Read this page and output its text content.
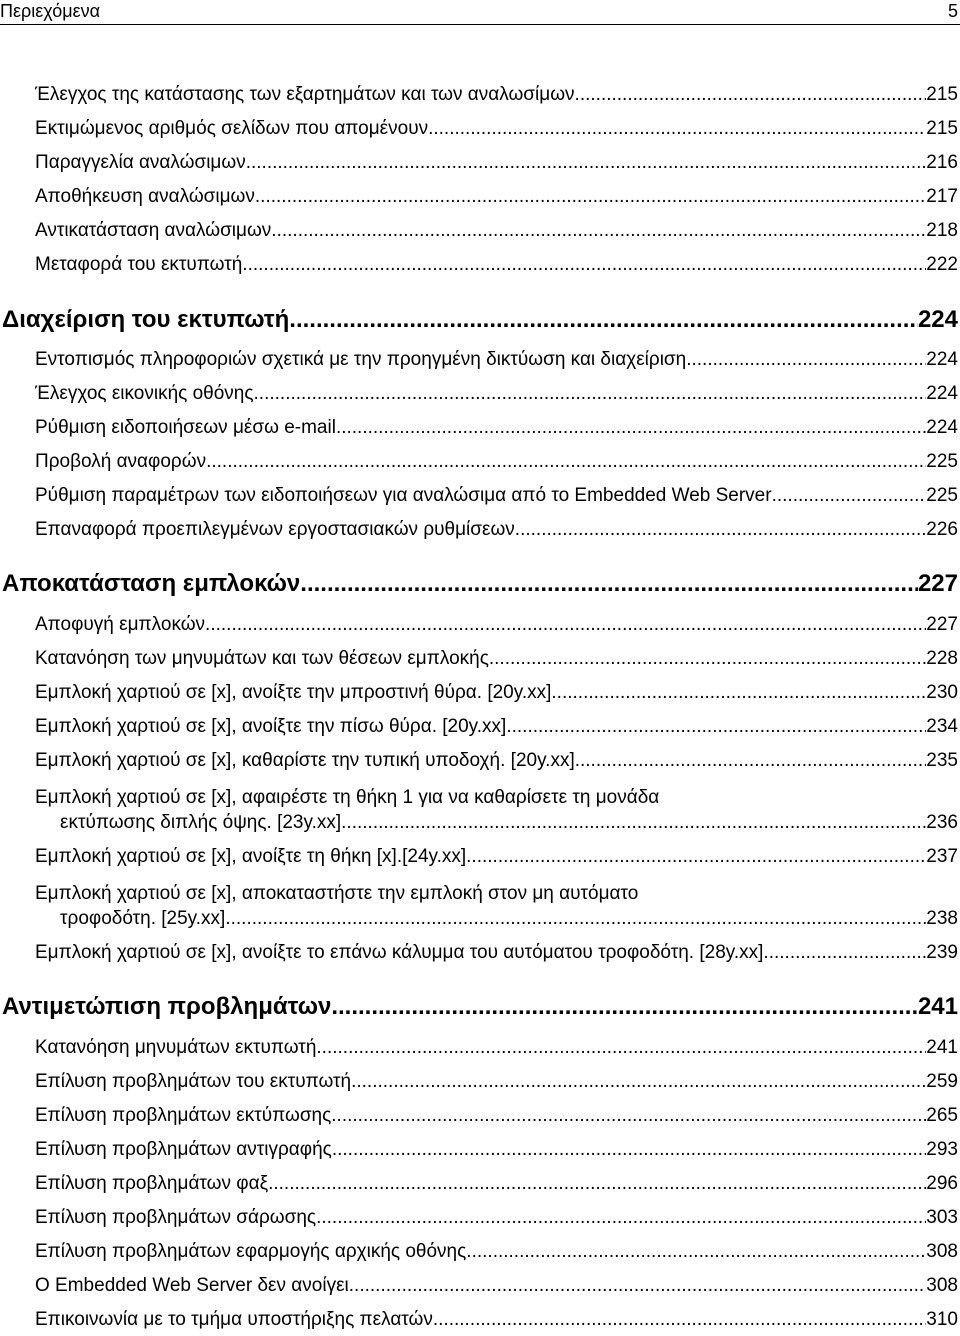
Περιεχόμενα	5
Έλεγχος της κατάστασης των εξαρτημάτων και των αναλωσίμων .....	215
Εκτιμώμενος αριθμός σελίδων που απομένουν .....	215
Παραγγελία αναλώσιμων .....	216
Αποθήκευση αναλώσιμων .....	217
Αντικατάσταση αναλώσιμων .....	218
Μεταφορά του εκτυπωτή .....	222
Διαχείριση του εκτυπωτή .....	224
Εντοπισμός πληροφοριών σχετικά με την προηγμένη δικτύωση και διαχείριση. .....	224
Έλεγχος εικονικής οθόνης .....	224
Ρύθμιση ειδοποιήσεων μέσω e-mail .....	224
Προβολή αναφορών .....	225
Ρύθμιση παραμέτρων των ειδοποιήσεων για αναλώσιμα από το Embedded Web Server .....	225
Επαναφορά προεπιλεγμένων εργοστασιακών ρυθμίσεων .....	226
Αποκατάσταση εμπλοκών .....	227
Αποφυγή εμπλοκών .....	227
Κατανόηση των μηνυμάτων και των θέσεων εμπλοκής .....	228
Εμπλοκή χαρτιού σε [x], ανοίξτε την μπροστινή θύρα. [20y.xx] .....	230
Εμπλοκή χαρτιού σε [x], ανοίξτε την πίσω θύρα. [20y.xx] .....	234
Εμπλοκή χαρτιού σε [x], καθαρίστε την τυπική υποδοχή. [20y.xx] .....	235
Εμπλοκή χαρτιού σε [x], αφαιρέστε τη θήκη 1 για να καθαρίσετε τη μονάδα
εκτύπωσης διπλής όψης. [23y.xx] .....	236
Εμπλοκή χαρτιού σε [x], ανοίξτε τη θήκη [x].[24y.xx] .....	237
Εμπλοκή χαρτιού σε [x], αποκαταστήστε την εμπλοκή στον μη αυτόματο
τροφοδότη. [25y.xx] .....	238
Εμπλοκή χαρτιού σε [x], ανοίξτε το επάνω κάλυμμα του αυτόματου τροφοδότη. [28y.xx] .....	239
Αντιμετώπιση προβλημάτων .....	241
Κατανόηση μηνυμάτων εκτυπωτή .....	241
Επίλυση προβλημάτων του εκτυπωτή .....	259
Επίλυση προβλημάτων εκτύπωσης .....	265
Επίλυση προβλημάτων αντιγραφής .....	293
Επίλυση προβλημάτων φαξ .....	296
Επίλυση προβλημάτων σάρωσης .....	303
Επίλυση προβλημάτων εφαρμογής αρχικής οθόνης .....	308
Ο Embedded Web Server δεν ανοίγει .....	308
Επικοινωνία με το τμήμα υποστήριξης πελατών .....	310
